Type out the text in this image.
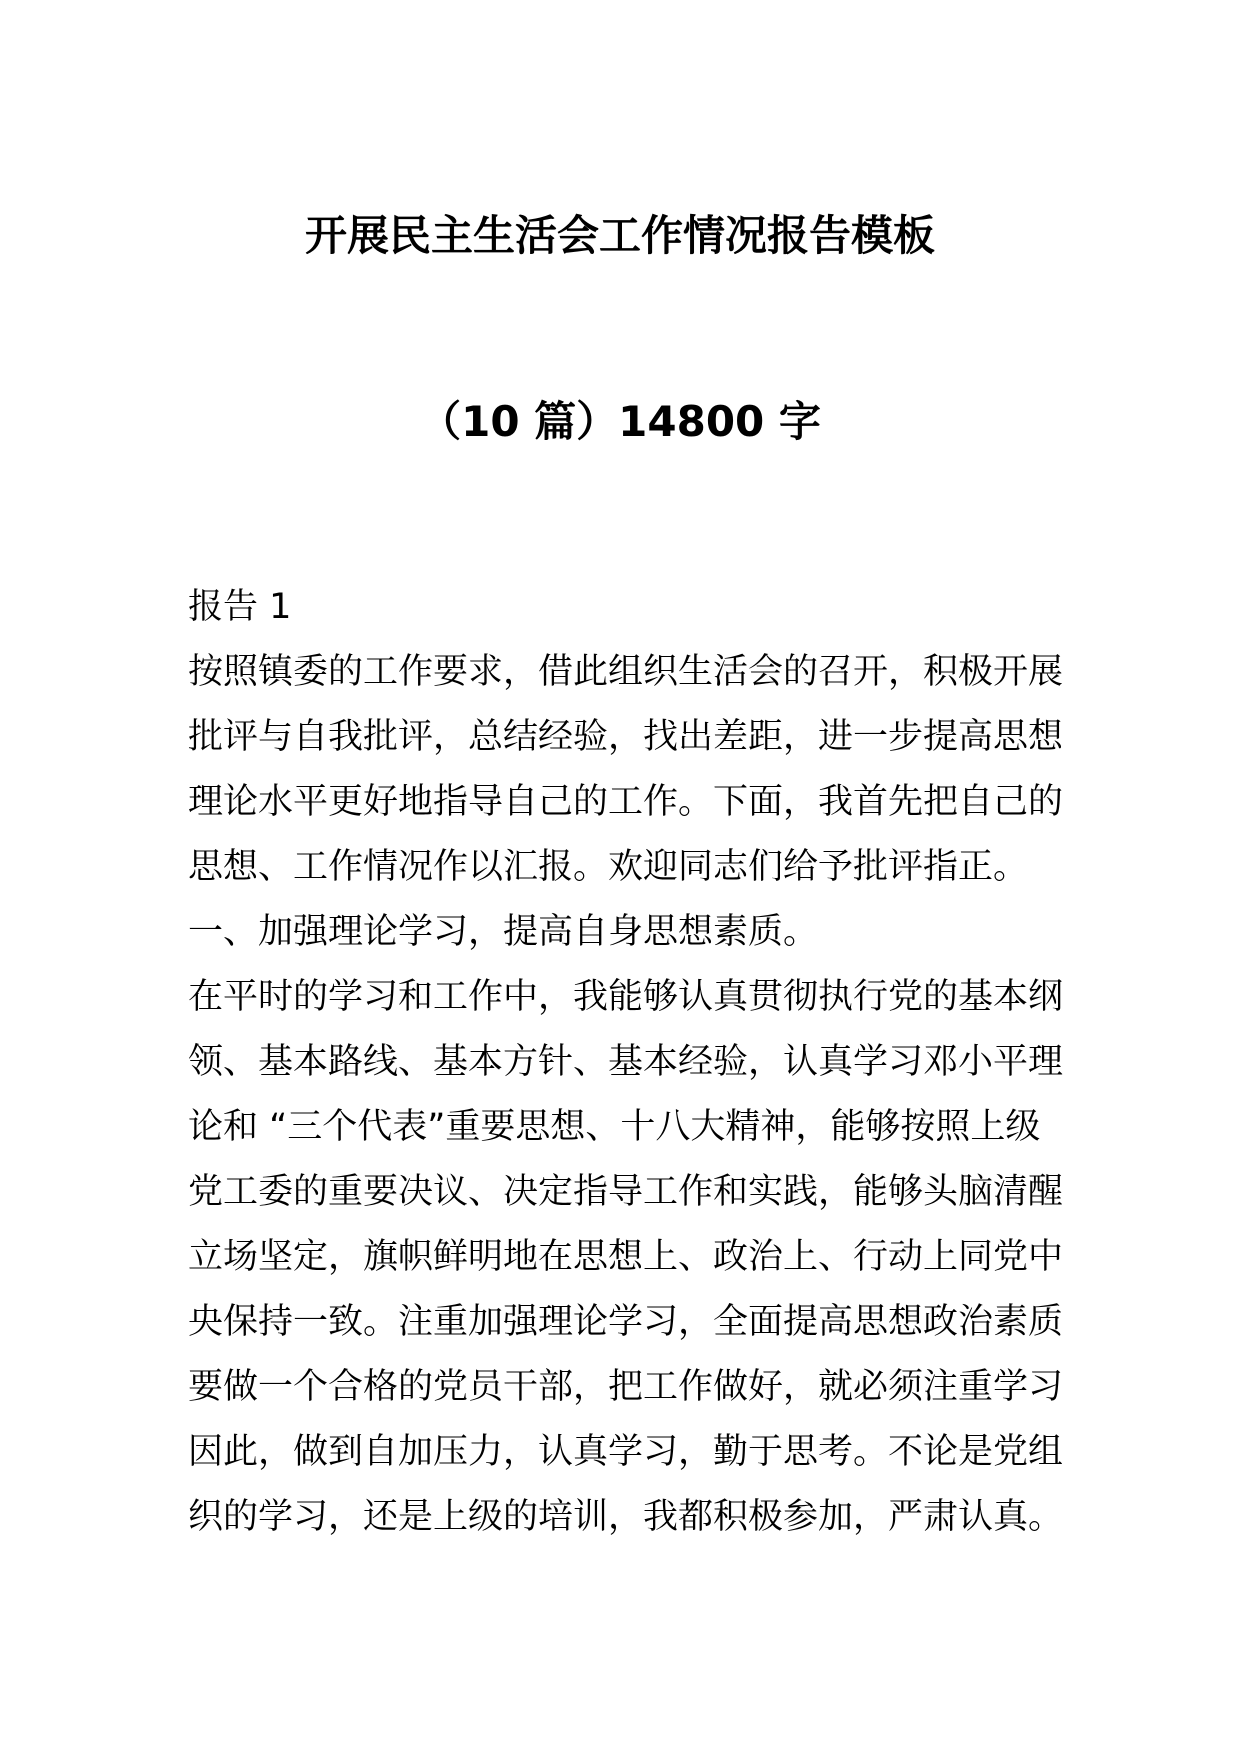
开展民主生活会工作情况报告模板
（10 篇）14800 字
报告 1
按照镇委的工作要求，借此组织生活会的召开，积极开展
批评与自我批评，总结经验，找出差距，进一步提高思想
理论水平更好地指导自己的工作。下面，我首先把自己的
思想、工作情况作以汇报。欢迎同志们给予批评指正。
一、加强理论学习，提高自身思想素质。
在平时的学习和工作中，我能够认真贯彻执行党的基本纲
领、基本路线、基本方针、基本经验，认真学习邓小平理
论和 “三个代表”重要思想、十八大精神，能够按照上级
党工委的重要决议、决定指导工作和实践，能够头脑清醒
立场坚定，旗帜鲜明地在思想上、政治上、行动上同党中
央保持一致。注重加强理论学习，全面提高思想政治素质
要做一个合格的党员干部，把工作做好，就必须注重学习
因此，做到自加压力，认真学习，勤于思考。不论是党组
织的学习，还是上级的培训，我都积极参加，严肃认真。
